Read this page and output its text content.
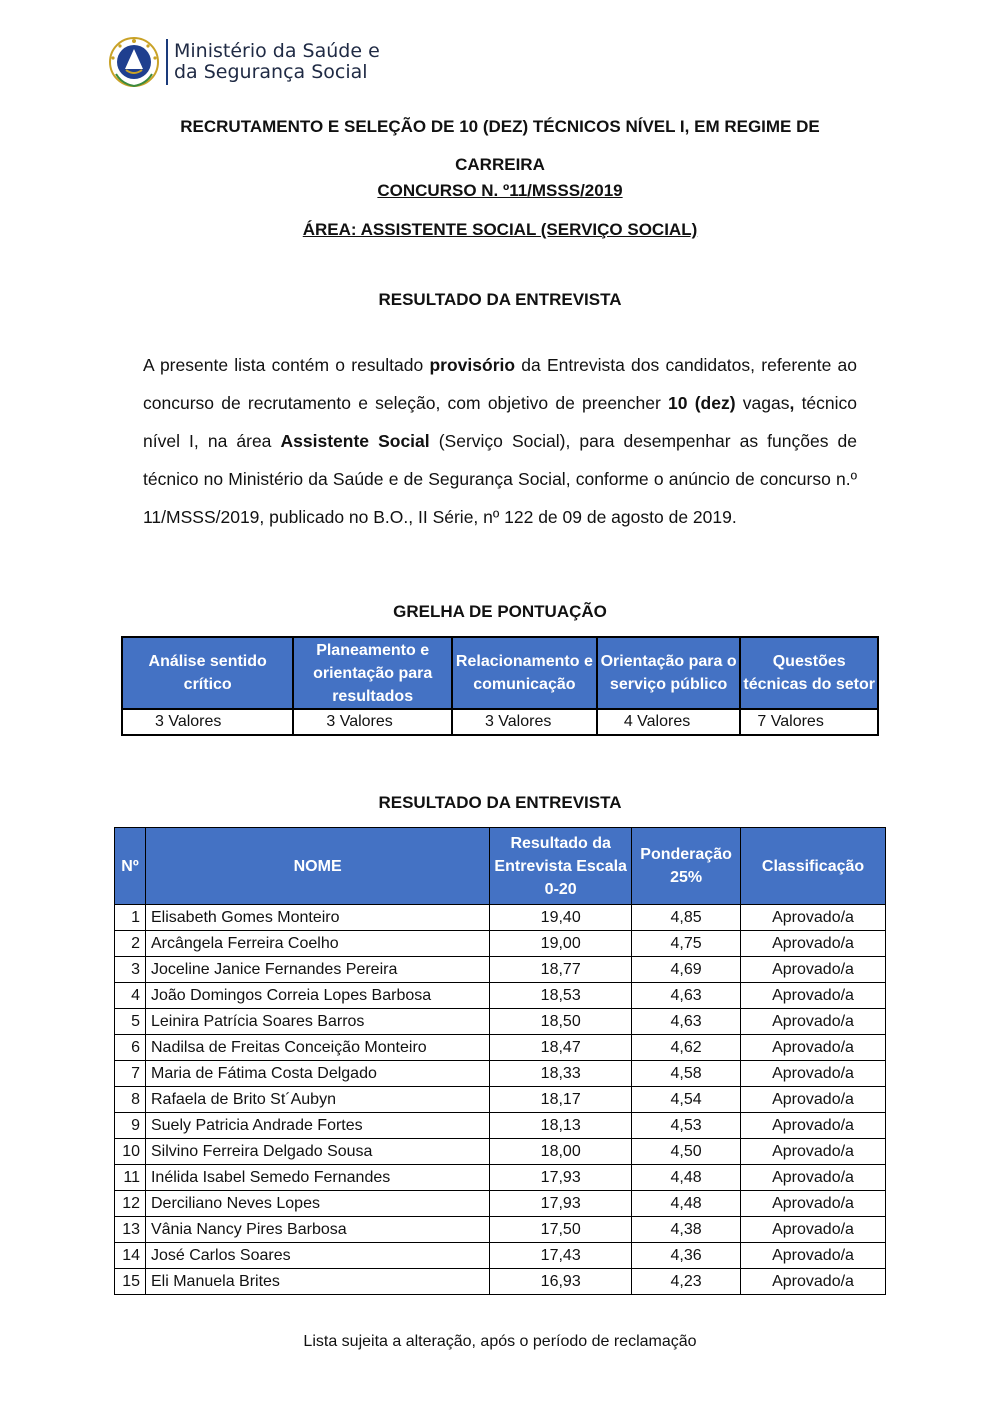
Ministério da Saúde e
da Segurança Social
RECRUTAMENTO E SELEÇÃO DE 10 (DEZ) TÉCNICOS NÍVEL I, EM REGIME DE
CARREIRA
CONCURSO N. º11/MSSS/2019
ÁREA: ASSISTENTE SOCIAL (SERVIÇO SOCIAL)
RESULTADO DA ENTREVISTA
A presente lista contém o resultado provisório da Entrevista dos candidatos, referente ao concurso de recrutamento e seleção, com objetivo de preencher 10 (dez) vagas, técnico nível I, na área Assistente Social (Serviço Social), para desempenhar as funções de técnico no Ministério da Saúde e de Segurança Social, conforme o anúncio de concurso n.º 11/MSSS/2019, publicado no B.O., II Série, nº 122 de 09 de agosto de 2019.
GRELHA DE PONTUAÇÃO
Análise sentido crítico	Planeamento e orientação para resultados	Relacionamento e comunicação	Orientação para o serviço público	Questões técnicas do setor
3 Valores	3 Valores	3 Valores	4 Valores	7 Valores
RESULTADO DA ENTREVISTA
Nº	NOME	Resultado da Entrevista Escala 0-20	Ponderação 25%	Classificação
1	Elisabeth Gomes Monteiro	19,40	4,85	Aprovado/a
2	Arcângela Ferreira Coelho	19,00	4,75	Aprovado/a
3	Joceline Janice Fernandes Pereira	18,77	4,69	Aprovado/a
4	João Domingos Correia Lopes Barbosa	18,53	4,63	Aprovado/a
5	Leinira Patrícia Soares Barros	18,50	4,63	Aprovado/a
6	Nadilsa de Freitas Conceição Monteiro	18,47	4,62	Aprovado/a
7	Maria de Fátima Costa Delgado	18,33	4,58	Aprovado/a
8	Rafaela de Brito St´Aubyn	18,17	4,54	Aprovado/a
9	Suely Patricia Andrade Fortes	18,13	4,53	Aprovado/a
10	Silvino Ferreira Delgado Sousa	18,00	4,50	Aprovado/a
11	Inélida Isabel Semedo Fernandes	17,93	4,48	Aprovado/a
12	Derciliano Neves Lopes	17,93	4,48	Aprovado/a
13	Vânia Nancy Pires Barbosa	17,50	4,38	Aprovado/a
14	José Carlos Soares	17,43	4,36	Aprovado/a
15	Eli Manuela Brites	16,93	4,23	Aprovado/a
Lista sujeita a alteração, após o período de reclamação
